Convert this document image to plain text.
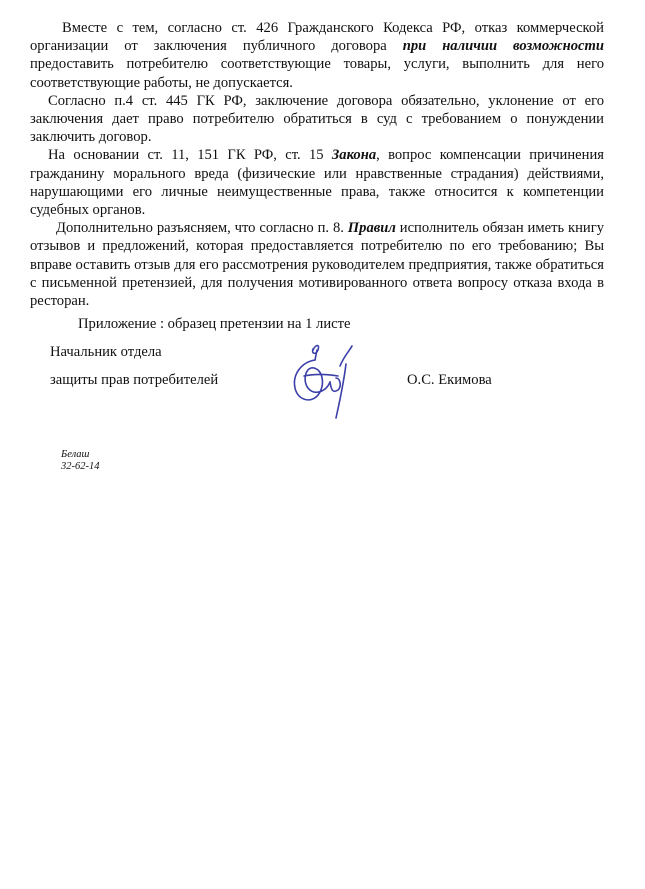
Вместе с тем, согласно ст. 426 Гражданского Кодекса РФ, отказ коммерческой организации от заключения публичного договора при наличии возможности предоставить потребителю соответствующие товары, услуги, выполнить для него соответствующие работы, не допускается.

Согласно п.4 ст. 445 ГК РФ, заключение договора обязательно, уклонение от его заключения дает право потребителю обратиться в суд с требованием о понуждении заключить договор.

На основании ст. 11, 151 ГК РФ, ст. 15 Закона, вопрос компенсации причинения гражданину морального вреда (физические или нравственные страдания) действиями, нарушающими его личные неимущественные права, также относится к компетенции судебных органов.

Дополнительно разъясняем, что согласно п. 8. Правил исполнитель обязан иметь книгу отзывов и предложений, которая предоставляется потребителю по его требованию; Вы вправе оставить отзыв для его рассмотрения руководителем предприятия, также обратиться с письменной претензией, для получения мотивированного ответа вопросу отказа входа в ресторан.

Приложение : образец претензии на 1 листе
Начальник отдела
защиты прав потребителей	О.С. Екимова
Белаш
32-62-14
